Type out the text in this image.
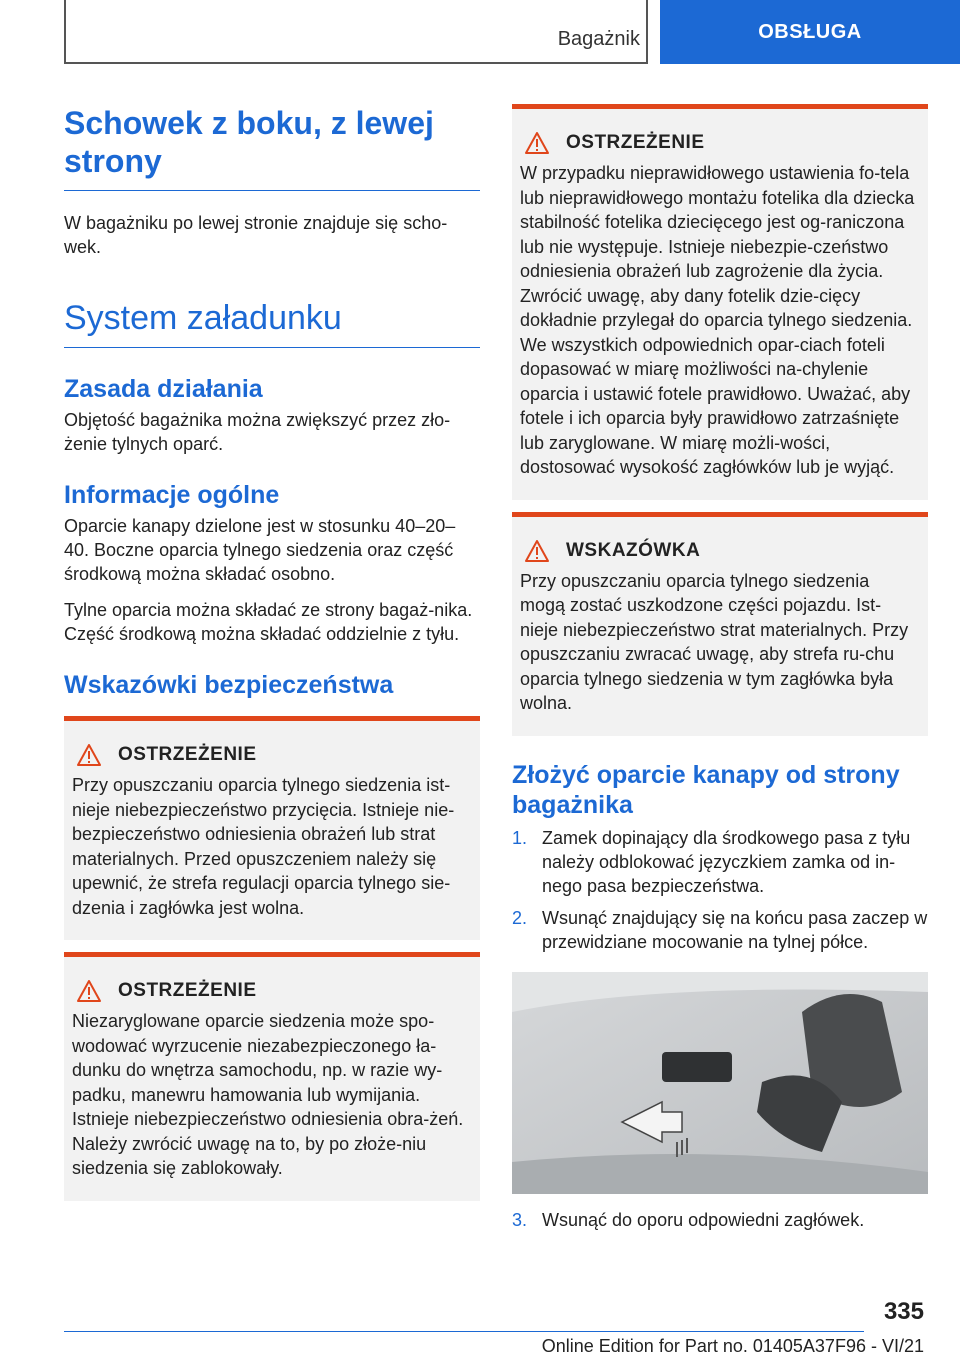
Bagażnik	OBSŁUGA
Schowek z boku, z lewej strony

W bagażniku po lewej stronie znajduje się scho-wek.

System załadunku
Zasada działania

Objętość bagażnika można zwiększyć przez zło-żenie tylnych oparć.

Informacje ogólne

Oparcie kanapy dzielone jest w stosunku 40–20–40. Boczne oparcia tylnego siedzenia oraz część środkową można składać osobno.

Tylne oparcia można składać ze strony bagaż-nika. Część środkową można składać oddzielnie z tyłu.

Wskazówki bezpieczeństwa
OSTRZEŻENIE

Przy opuszczaniu oparcia tylnego siedzenia ist-nieje niebezpieczeństwo przycięcia. Istnieje nie-bezpieczeństwo odniesienia obrażeń lub strat materialnych. Przed opuszczeniem należy się upewnić, że strefa regulacji oparcia tylnego sie-dzenia i zagłówka jest wolna.

OSTRZEŻENIE

Niezaryglowane oparcie siedzenia może spo-wodować wyrzucenie niezabezpieczonego ła-dunku do wnętrza samochodu, np. w razie wy-padku, manewru hamowania lub wymijania. Istnieje niebezpieczeństwo odniesienia obra-żeń. Należy zwrócić uwagę na to, by po złoże-niu siedzenia się zablokowały.

OSTRZEŻENIE

W przypadku nieprawidłowego ustawienia fo-tela lub nieprawidłowego montażu fotelika dla dziecka stabilność fotelika dziecięcego jest og-raniczona lub nie występuje. Istnieje niebezpie-czeństwo odniesienia obrażeń lub zagrożenie dla życia. Zwrócić uwagę, aby dany fotelik dzie-cięcy dokładnie przylegał do oparcia tylnego siedzenia. We wszystkich odpowiednich opar-ciach foteli dopasować w miarę możliwości na-chylenie oparcia i ustawić fotele prawidłowo. Uważać, aby fotele i ich oparcia były prawidłowo zatrzaśnięte lub zaryglowane. W miarę możli-wości, dostosować wysokość zagłówków lub je wyjąć.

WSKAZÓWKA

Przy opuszczaniu oparcia tylnego siedzenia mogą zostać uszkodzone części pojazdu. Ist-nieje niebezpieczeństwo strat materialnych. Przy opuszczaniu zwracać uwagę, aby strefa ru-chu oparcia tylnego siedzenia w tym zagłówka była wolna.

Złożyć oparcie kanapy od strony bagażnika
1. Zamek dopinający dla środkowego pasa z tyłu należy odblokować języczkiem zamka od in-nego pasa bezpieczeństwa.
2. Wsunąć znajdujący się na końcu pasa zaczep w przewidziane mocowanie na tylnej półce.
3. Wsunąć do oporu odpowiedni zagłówek.
335
Online Edition for Part no. 01405A37F96 - VI/21
